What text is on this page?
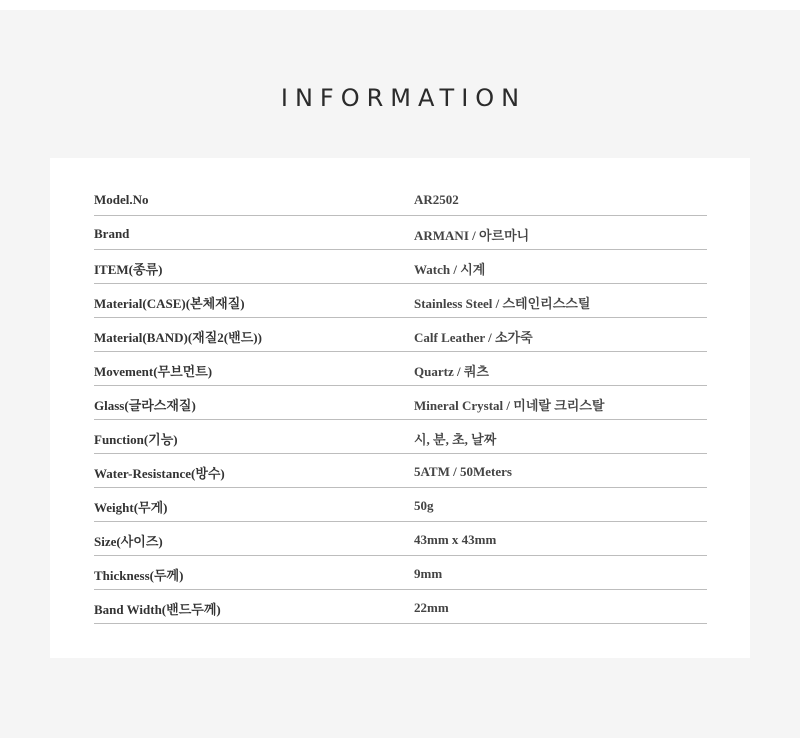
INFORMATION
Model.No	AR2502
Brand	ARMANI / 아르마니
ITEM(종류)	Watch / 시계
Material(CASE)(본체재질)	Stainless Steel / 스테인리스스틸
Material(BAND)(재질2(밴드))	Calf Leather / 소가죽
Movement(무브먼트)	Quartz / 쿼츠
Glass(글라스재질)	Mineral Crystal / 미네랄 크리스탈
Function(기능)	시, 분, 초, 날짜
Water-Resistance(방수)	5ATM / 50Meters
Weight(무게)	50g
Size(사이즈)	43mm x 43mm
Thickness(두께)	9mm
Band Width(밴드두께)	22mm
